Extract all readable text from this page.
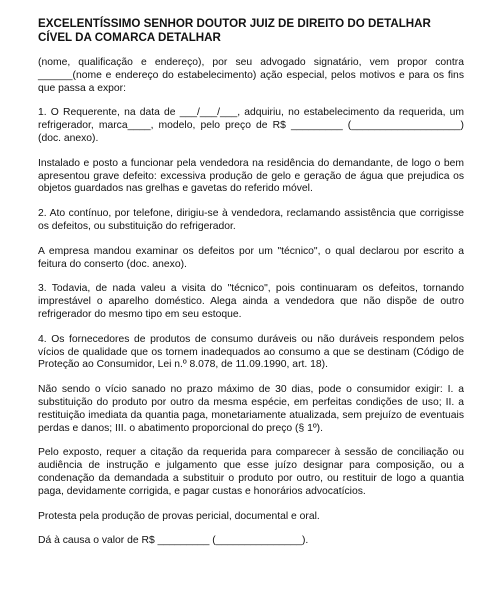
EXCELENTÍSSIMO SENHOR DOUTOR JUIZ DE DIREITO DO DETALHAR CÍVEL DA COMARCA DETALHAR
(nome, qualificação e endereço), por seu advogado signatário, vem propor contra ______(nome e endereço do estabelecimento) ação especial, pelos motivos e para os fins que passa a expor:
1. O Requerente, na data de ___/___/___, adquiriu, no estabelecimento da requerida, um refrigerador, marca____, modelo, pelo preço de R$ _________ (___________________) (doc. anexo).
Instalado e posto a funcionar pela vendedora na residência do demandante, de logo o bem apresentou grave defeito: excessiva produção de gelo e geração de água que prejudica os objetos guardados nas grelhas e gavetas do referido móvel.
2. Ato contínuo, por telefone, dirigiu-se à vendedora, reclamando assistência que corrigisse os defeitos, ou substituição do refrigerador.
A empresa mandou examinar os defeitos por um "técnico", o qual declarou por escrito a feitura do conserto (doc. anexo).
3. Todavia, de nada valeu a visita do "técnico", pois continuaram os defeitos, tornando imprestável o aparelho doméstico. Alega ainda a vendedora que não dispõe de outro refrigerador do mesmo tipo em seu estoque.
4. Os fornecedores de produtos de consumo duráveis ou não duráveis respondem pelos vícios de qualidade que os tornem inadequados ao consumo a que se destinam (Código de Proteção ao Consumidor, Lei n.º 8.078, de 11.09.1990, art. 18).
Não sendo o vício sanado no prazo máximo de 30 dias, pode o consumidor exigir: I. a substituição do produto por outro da mesma espécie, em perfeitas condições de uso; II. a restituição imediata da quantia paga, monetariamente atualizada, sem prejuízo de eventuais perdas e danos; III. o abatimento proporcional do preço (§ 1º).
Pelo exposto, requer a citação da requerida para comparecer à sessão de conciliação ou audiência de instrução e julgamento que esse juízo designar para composição, ou a condenação da demandada a substituir o produto por outro, ou restituir de logo a quantia paga, devidamente corrigida, e pagar custas e honorários advocatícios.
Protesta pela produção de provas pericial, documental e oral.
Dá à causa o valor de R$ _________ (_______________).
